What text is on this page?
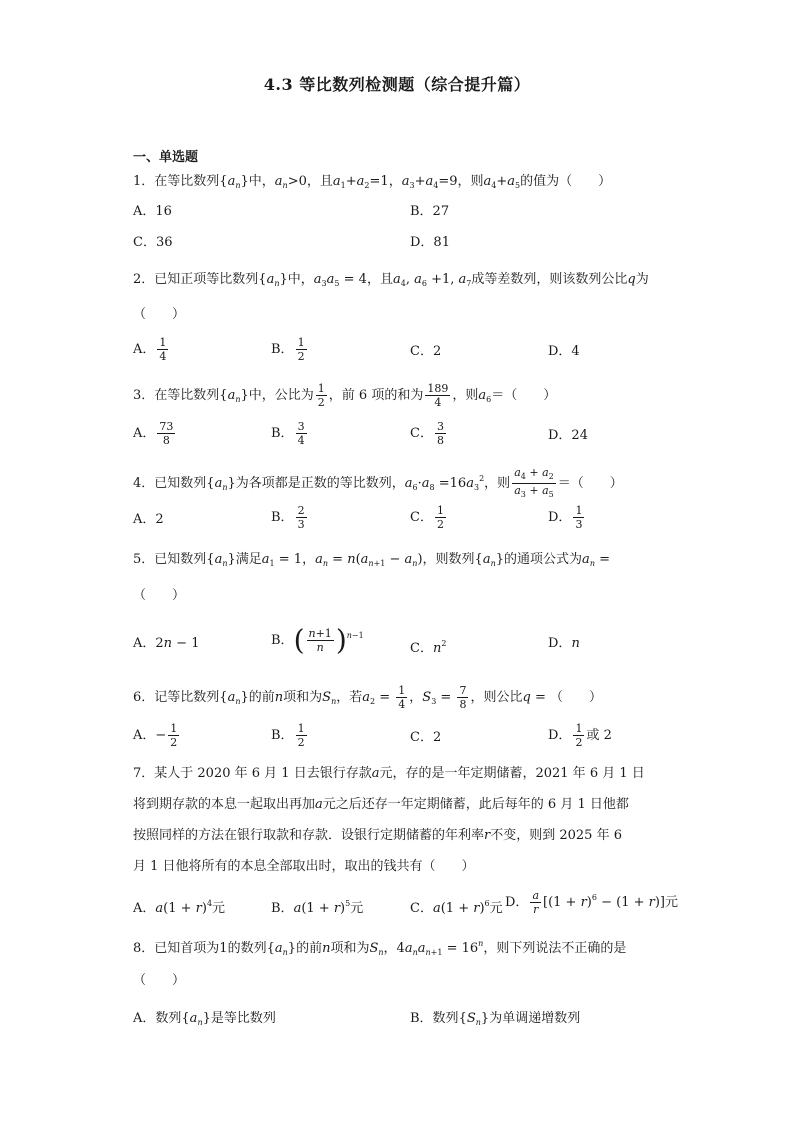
4.3 等比数列检测题（综合提升篇）
一、单选题
1．在等比数列$\{a_n\}$中，$a_n>0$，且$a_1+a_2=1$，$a_3+a_4=9$，则$a_4+a_5$的值为（　　）
A．16	B．27
C．36	D．81
2．已知正项等比数列$\{a_n\}$中，$a_3a_5 = 4$，且$a_4$, $a_6 +1$, $a_7$成等差数列，则该数列公比q为
（　　）
A． $\frac{1}{4}$	B． $\frac{1}{2}$	C．2	D．4
3．在等比数列$\{a_n\}$中，公比为 $\frac{1}{2}$ ，前 6 项的和为 $\frac{189}{4}$ ，则$a_6=$（　　）
A． $\frac{73}{8}$	B． $\frac{3}{4}$	C． $\frac{3}{8}$	D．24
4．已知数列$\{a_n\}$为各项都是正数的等比数列，$a_6\cdot a_8 =16a_3^2$，则 $\frac{a_4 + a_2}{a_3 + a_5}$ ＝（　　）
A．2	B． $\frac{2}{3}$	C． $\frac{1}{2}$	D． $\frac{1}{3}$
5．已知数列$\{a_n\}$满足$a_1 = 1$，$a_n = n(a_{n+1} - a_n)$，则数列$\{a_n\}$的通项公式为$a_n$ =
（　　）
A．2n − 1	B．( $\frac{n+1}{n} )^{n-1}$
C．$n^2$	D．n
6．记等比数列$\{a_n\}$的前n项和为$S_n$，若$a_2 = \frac{1}{4}$ ，$S_3 = \frac{7}{8}$ ，则公比q = （　　）
A．− $\frac{1}{2}$	B． $\frac{1}{2}$	C．2	D． $\frac{1}{2}$ 或 2
7．某人于 2020 年 6 月 1 日去银行存款a元，存的是一年定期储蓄，2021 年 6 月 1 日
将到期存款的本息一起取出再加a元之后还存一年定期储蓄，此后每年的 6 月 1 日他都
按照同样的方法在银行取款和存款．设银行定期储蓄的年利率r不变，则到 2025 年 6
月 1 日他将所有的本息全部取出时，取出的钱共有（　　）
A．$a(1 + r)^4$元	B．$a(1 + r)^5$元	C．$a(1 + r)^6$元 D． $\frac{a}{r} [(1 + r)^6 - (1 + r)]$元
8．已知首项为1的数列$\{a_n\}$的前n项和为$S_n$，$4a_na_{n+1} = 16^n$，则下列说法不正确的是
（　　）
A．数列$\{a_n\}$是等比数列	B．数列$\{S_n\}$为单调递增数列
